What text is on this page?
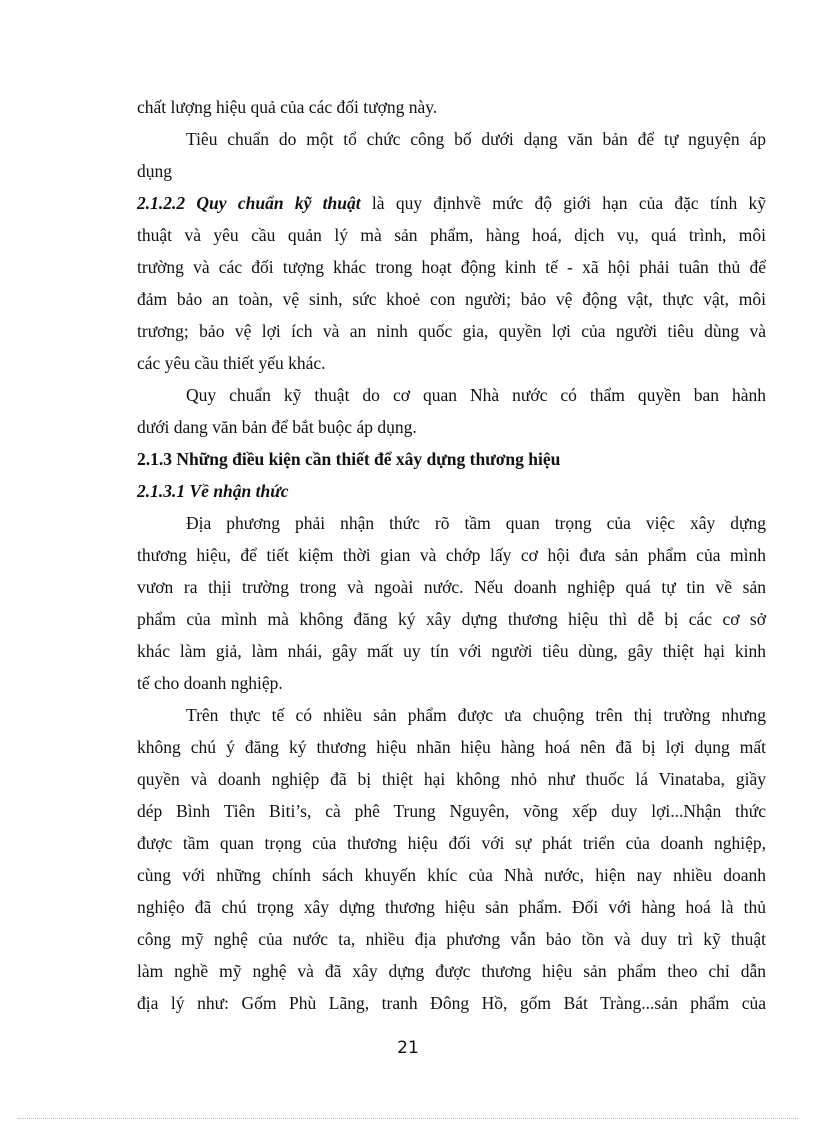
chất lượng hiệu quả của các đối tượng này.
Tiêu chuẩn do một tổ chức công bố dưới dạng văn bản để tự nguyện áp
dụng
2.1.2.2 Quy chuẩn kỹ thuật là quy địnhvề mức độ giới hạn của đặc tính kỹ
thuật và yêu cầu quản lý mà sản phẩm, hàng hoá, dịch vụ, quá trình, môi
trường và các đối tượng khác trong hoạt động kinh tế - xã hội phải tuân thủ để
đảm bảo an toàn, vệ sinh, sức khoẻ con người; bảo vệ động vật, thực vật, môi
trương; bảo vệ lợi ích và an ninh quốc gia, quyền lợi của người tiêu dùng và
các yêu cầu thiết yếu khác.
Quy chuẩn kỹ thuật do cơ quan Nhà nước có thẩm quyền ban hành
dưới dang văn bản để bắt buộc áp dụng.
2.1.3 Những điều kiện cần thiết để xây dựng thương hiệu
2.1.3.1 Về nhận thức
Địa phương phải nhận thức rõ tầm quan trọng của việc xây dựng
thương hiệu, để tiết kiệm thời gian và chớp lấy cơ hội đưa sản phẩm của mình
vươn ra thịi trường trong và ngoài nước. Nếu doanh nghiệp quá tự tin về sản
phẩm của mình mà không đăng ký xây dựng thương hiệu thì dễ bị các cơ sở
khác làm giả, làm nhái, gây mất uy tín với người tiêu dùng, gây thiệt hại kinh
tế cho doanh nghiệp.
Trên thực tế có nhiều sản phẩm được ưa chuộng trên thị trường nhưng
không chú ý đăng ký thương hiệu nhãn hiệu hàng hoá nên đã bị lợi dụng mất
quyền và doanh nghiệp đã bị thiệt hại không nhỏ như thuốc lá Vinataba, giầy
dép Bình Tiên Biti’s, cà phê Trung Nguyên, võng xếp duy lợi...Nhận thức
được tầm quan trọng của thương hiệu đối với sự phát triển của doanh nghiệp,
cùng với những chính sách khuyến khíc của Nhà nước, hiện nay nhiều doanh
nghiệo đã chú trọng xây dựng thương hiệu sản phẩm. Đối với hàng hoá là thủ
công mỹ nghệ của nước ta, nhiều địa phương vẫn bảo tồn và duy trì kỹ thuật
làm nghề mỹ nghệ và đã xây dựng được thương hiệu sản phẩm theo chỉ dẫn
địa lý như: Gốm Phù Lãng, tranh Đông Hồ, gốm Bát Tràng...sản phẩm của
21
